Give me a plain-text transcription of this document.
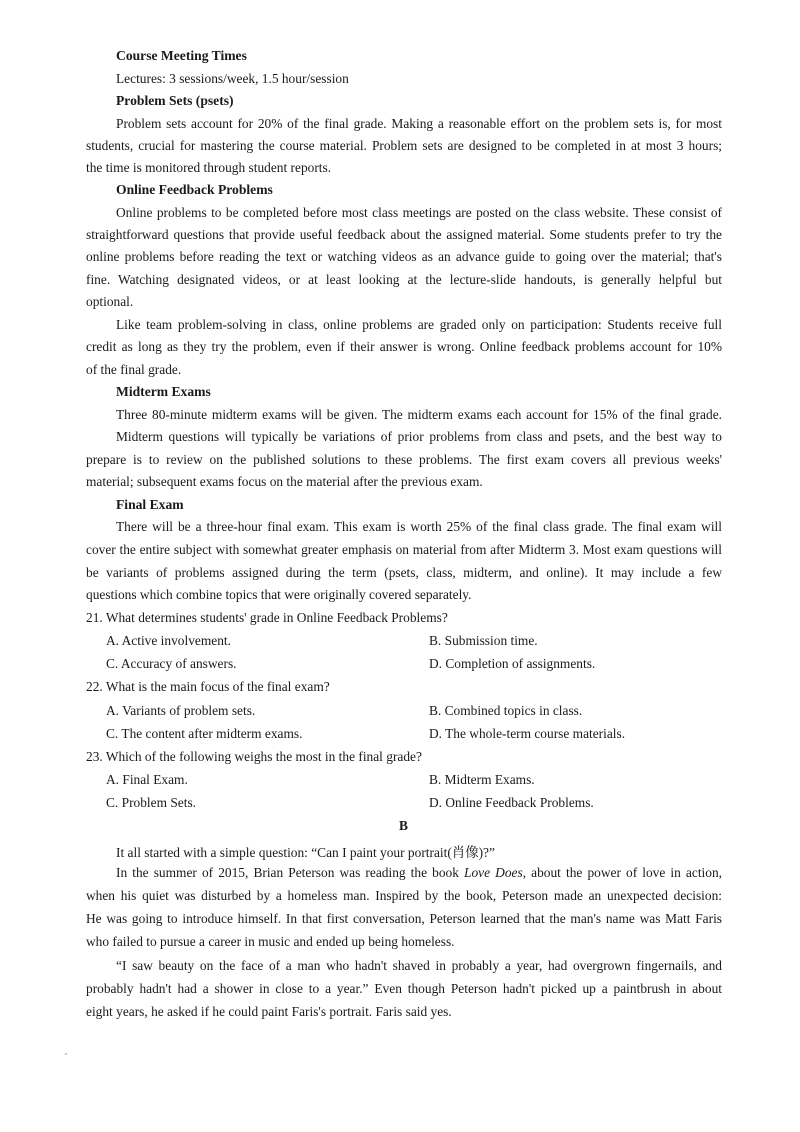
Course Meeting Times
Lectures: 3 sessions/week, 1.5 hour/session
Problem Sets (psets)
Problem sets account for 20% of the final grade. Making a reasonable effort on the problem sets is, for most
students, crucial for mastering the course material. Problem sets are designed to be completed in at most 3 hours;
the time is monitored through student reports.
Online Feedback Problems
Online problems to be completed before most class meetings are posted on the class website. These consist of
straightforward questions that provide useful feedback about the assigned material. Some students prefer to try the
online problems before reading the text or watching videos as an advance guide to going over the material; that's
fine. Watching designated videos, or at least looking at the lecture-slide handouts, is generally helpful but
optional.
Like team problem-solving in class, online problems are graded only on participation: Students receive full
credit as long as they try the problem, even if their answer is wrong. Online feedback problems account for 10%
of the final grade.
Midterm Exams
Three 80-minute midterm exams will be given. The midterm exams each account for 15% of the final grade.
Midterm questions will typically be variations of prior problems from class and psets, and the best way to
prepare is to review on the published solutions to these problems. The first exam covers all previous weeks'
material; subsequent exams focus on the material after the previous exam.
Final Exam
There will be a three-hour final exam. This exam is worth 25% of the final class grade. The final exam will
cover the entire subject with somewhat greater emphasis on material from after Midterm 3. Most exam questions will
be variants of problems assigned during the term (psets, class, midterm, and online). It may include a few
questions which combine topics that were originally covered separately.
21. What determines students' grade in Online Feedback Problems?
A. Active involvement.	B. Submission time.
C. Accuracy of answers.	D. Completion of assignments.
22. What is the main focus of the final exam?
A. Variants of problem sets.	B. Combined topics in class.
C. The content after midterm exams.	D. The whole-term course materials.
23. Which of the following weighs the most in the final grade?
A. Final Exam.	B. Midterm Exams.
C. Problem Sets.	D. Online Feedback Problems.
B
It all started with a simple question: “Can I paint your portrait(肖像)?”
In the summer of 2015, Brian Peterson was reading the book Love Does, about the power of love in action,
when his quiet was disturbed by a homeless man. Inspired by the book, Peterson made an unexpected decision:
He was going to introduce himself. In that first conversation, Peterson learned that the man's name was Matt Faris
who failed to pursue a career in music and ended up being homeless.
“I saw beauty on the face of a man who hadn't shaved in probably a year, had overgrown fingernails, and
probably hadn't had a shower in close to a year.” Even though Peterson hadn't picked up a paintbrush in about
eight years, he asked if he could paint Faris's portrait. Faris said yes.
